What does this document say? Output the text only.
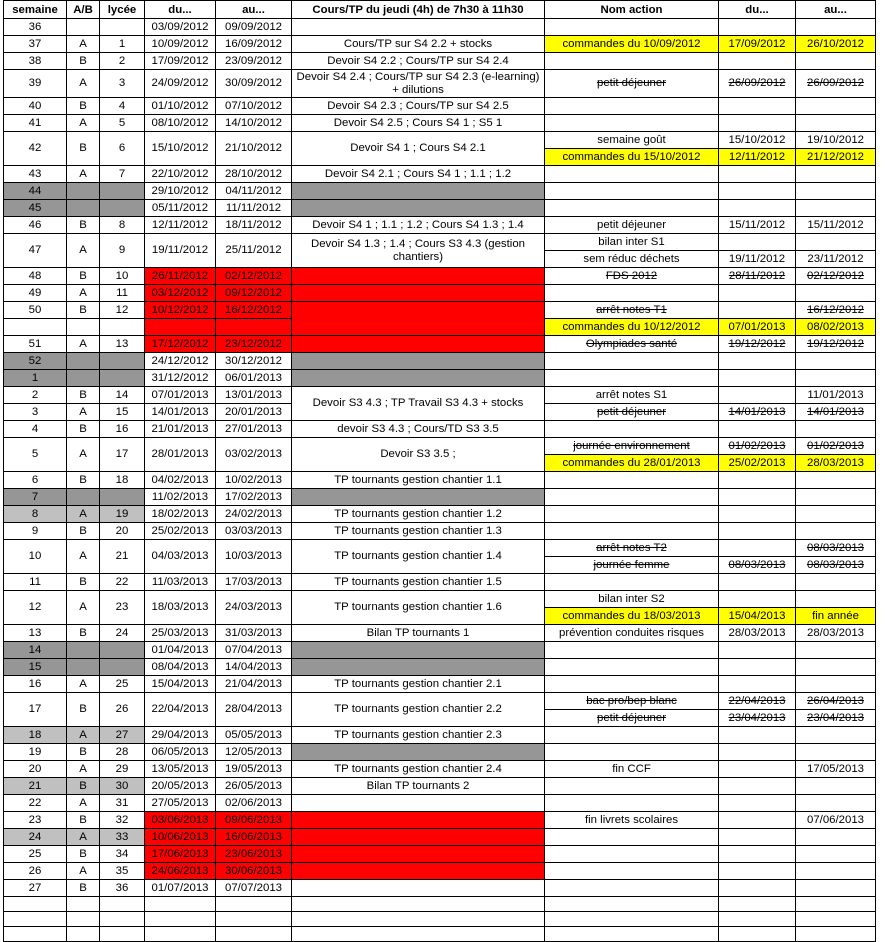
semaine	A/B	lycée	du...	au...	Cours/TP du jeudi (4h) de 7h30 à 11h30	Nom action	du...	au...
36			03/09/2012	09/09/2012				
37	A	1	10/09/2012	16/09/2012	Cours/TP sur S4 2.2 + stocks	commandes du 10/09/2012	17/09/2012	26/10/2012
38	B	2	17/09/2012	23/09/2012	Devoir S4 2.2 ; Cours/TP sur S4 2.4			
39	A	3	24/09/2012	30/09/2012	Devoir S4 2.4 ; Cours/TP sur S4 2.3 (e-learning) + dilutions	petit déjeuner	26/09/2012	26/09/2012
40	B	4	01/10/2012	07/10/2012	Devoir S4 2.3 ; Cours/TP sur S4 2.5			
41	A	5	08/10/2012	14/10/2012	Devoir S4 2.5 ; Cours S4 1 ; S5 1			
42	B	6	15/10/2012	21/10/2012	Devoir S4 1 ; Cours S4 2.1	semaine goût	15/10/2012	19/10/2012
						commandes du 15/10/2012	12/11/2012	21/12/2012
43	A	7	22/10/2012	28/10/2012	Devoir S4 2.1 ; Cours S4 1 ; 1.1 ; 1.2			
44			29/10/2012	04/11/2012				
45			05/11/2012	11/11/2012				
46	B	8	12/11/2012	18/11/2012	Devoir S4 1 ; 1.1 ; 1.2 ; Cours S4 1.3 ; 1.4	petit déjeuner	15/11/2012	15/11/2012
47	A	9	19/11/2012	25/11/2012	Devoir S4 1.3 ; 1.4 ; Cours S3 4.3 (gestion chantiers)	bilan inter S1		
						sem réduc déchets	19/11/2012	23/11/2012
48	B	10	26/11/2012	02/12/2012		FDS 2012	28/11/2012	02/12/2012
49	A	11	03/12/2012	09/12/2012				
50	B	12	10/12/2012	16/12/2012		arrêt notes T1		16/12/2012
						commandes du 10/12/2012	07/01/2013	08/02/2013
51	A	13	17/12/2012	23/12/2012		Olympiades santé	19/12/2012	19/12/2012
52			24/12/2012	30/12/2012				
1			31/12/2012	06/01/2013				
2	B	14	07/01/2013	13/01/2013	Devoir S3 4.3 ; TP Travail S3 4.3 + stocks	arrêt notes S1		11/01/2013
3	A	15	14/01/2013	20/01/2013		petit déjeuner	14/01/2013	14/01/2013
4	B	16	21/01/2013	27/01/2013	devoir S3 4.3 ; Cours/TD S3 3.5			
5	A	17	28/01/2013	03/02/2013	Devoir S3 3.5 ;	journée environnement	01/02/2013	01/02/2013
						commandes du 28/01/2013	25/02/2013	28/03/2013
6	B	18	04/02/2013	10/02/2013	TP tournants gestion chantier 1.1			
7			11/02/2013	17/02/2013				
8	A	19	18/02/2013	24/02/2013	TP tournants gestion chantier 1.2			
9	B	20	25/02/2013	03/03/2013	TP tournants gestion chantier 1.3			
10	A	21	04/03/2013	10/03/2013	TP tournants gestion chantier 1.4	arrêt notes T2		08/03/2013
						journée femme	08/03/2013	08/03/2013
11	B	22	11/03/2013	17/03/2013	TP tournants gestion chantier 1.5			
12	A	23	18/03/2013	24/03/2013	TP tournants gestion chantier 1.6	bilan inter S2		
						commandes du 18/03/2013	15/04/2013	fin année
13	B	24	25/03/2013	31/03/2013	Bilan TP tournants 1	prévention conduites risques	28/03/2013	28/03/2013
14			01/04/2013	07/04/2013				
15			08/04/2013	14/04/2013				
16	A	25	15/04/2013	21/04/2013	TP tournants gestion chantier 2.1			
17	B	26	22/04/2013	28/04/2013	TP tournants gestion chantier 2.2	bac pro/bep blanc	22/04/2013	26/04/2013
						petit déjeuner	23/04/2013	23/04/2013
18	A	27	29/04/2013	05/05/2013	TP tournants gestion chantier 2.3			
19	B	28	06/05/2013	12/05/2013				
20	A	29	13/05/2013	19/05/2013	TP tournants gestion chantier 2.4	fin CCF		17/05/2013
21	B	30	20/05/2013	26/05/2013	Bilan TP tournants 2			
22	A	31	27/05/2013	02/06/2013				
23	B	32	03/06/2013	09/06/2013		fin livrets scolaires		07/06/2013
24	A	33	10/06/2013	16/06/2013				
25	B	34	17/06/2013	23/06/2013				
26	A	35	24/06/2013	30/06/2013				
27	B	36	01/07/2013	07/07/2013				
